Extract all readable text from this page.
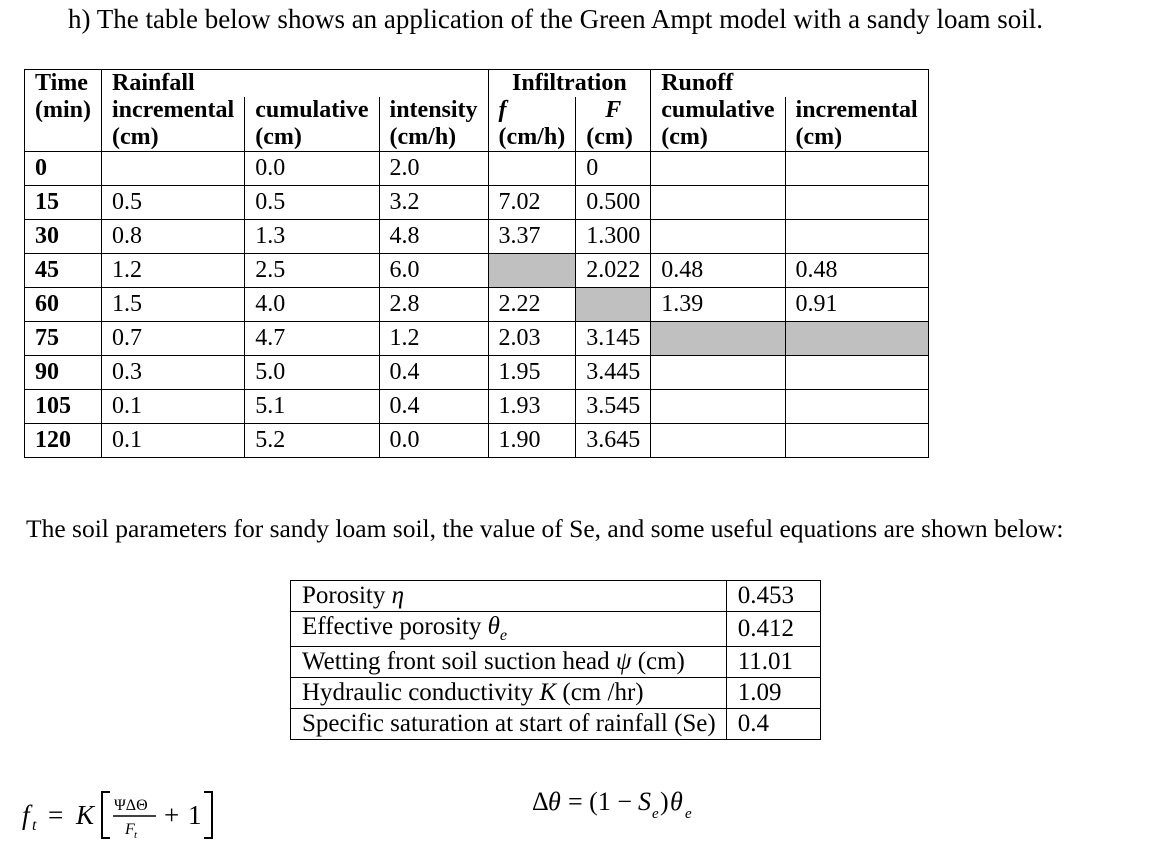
h) The table below shows an application of the Green Ampt model with a sandy loam soil.
Time	Rainfall			Infiltration		Runoff	
(min)	incremental	cumulative	intensity	f	F	cumulative	incremental
	(cm)	(cm)	(cm/h)	(cm/h)	(cm)	(cm)	(cm)
0		0.0	2.0		0		
15	0.5	0.5	3.2	7.02	0.500		
30	0.8	1.3	4.8	3.37	1.300		
45	1.2	2.5	6.0		2.022	0.48	0.48
60	1.5	4.0	2.8	2.22		1.39	0.91
75	0.7	4.7	1.2	2.03	3.145		
90	0.3	5.0	0.4	1.95	3.445		
105	0.1	5.1	0.4	1.93	3.545		
120	0.1	5.2	0.0	1.90	3.645		
The soil parameters for sandy loam soil, the value of Se, and some useful equations are shown below:
Porosity η	0.453
Effective porosity $\theta_e$	0.412
Wetting front soil suction head ψ (cm)	11.01
Hydraulic conductivity K (cm /hr)	1.09
Specific saturation at start of rainfall (Se)	0.4
f t = K ΨΔΘ
F t
+ 1	Δ θ = (1 − S e ) θ e
